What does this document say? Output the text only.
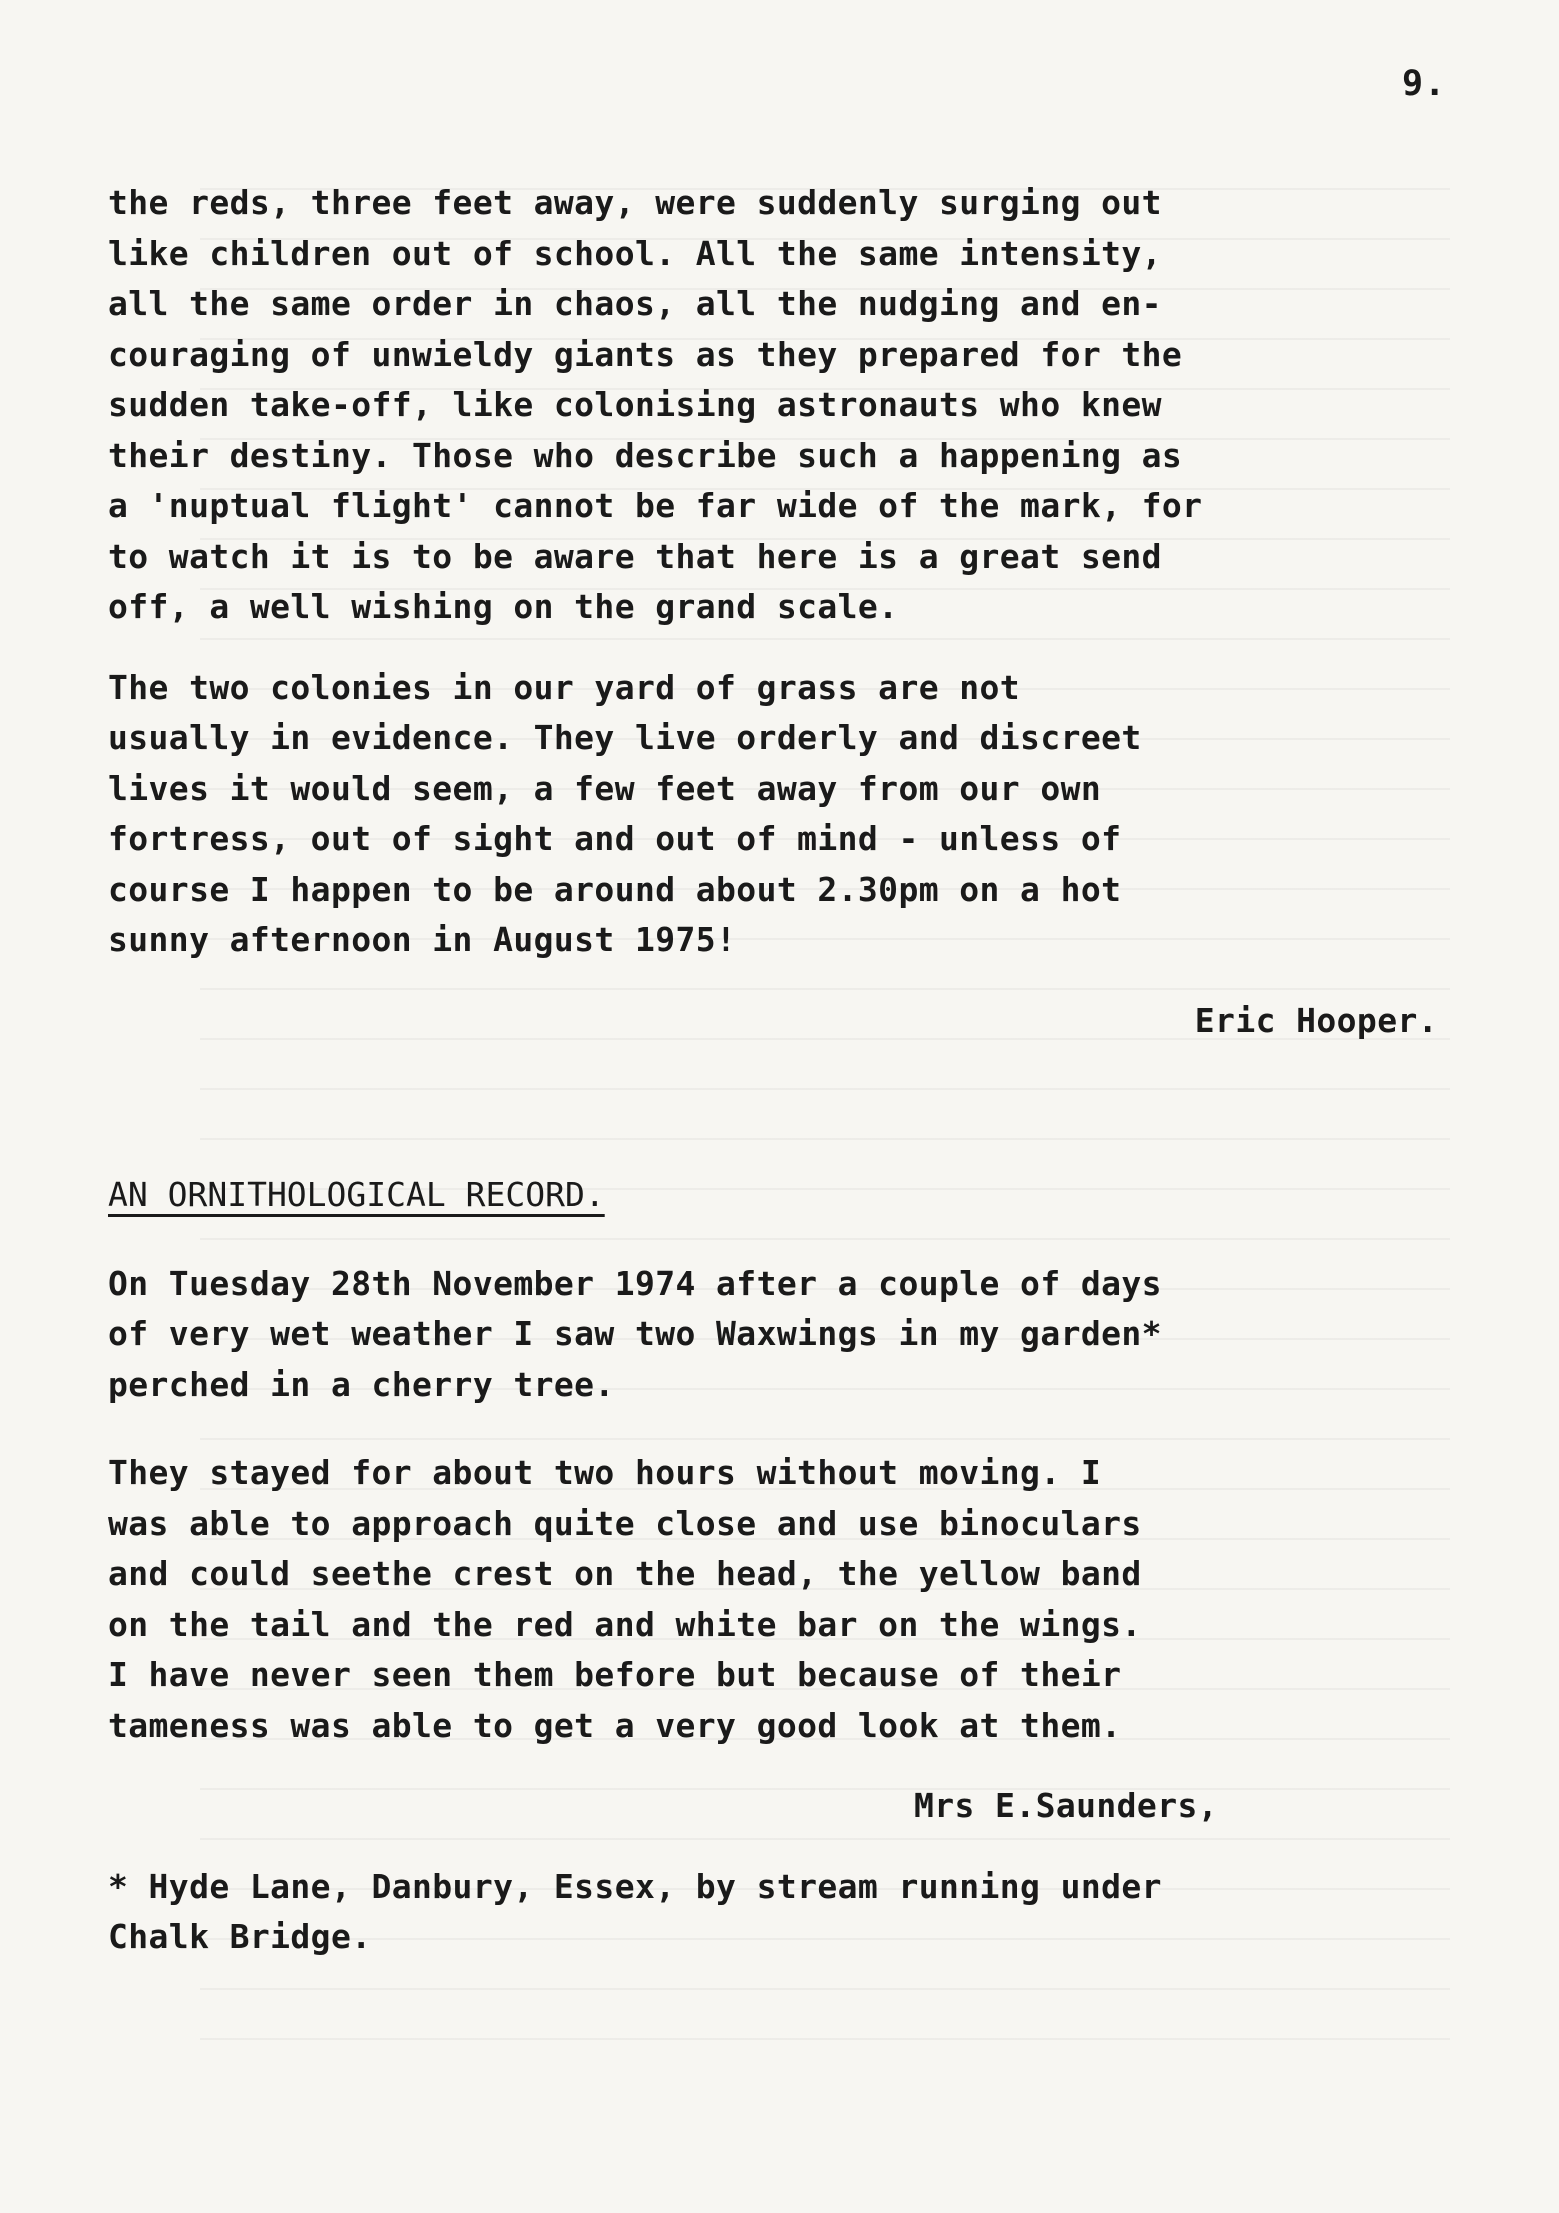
9.
the reds, three feet away, were suddenly surging out
like children out of school. All the same intensity,
all the same order in chaos, all the nudging and en-
couraging of unwieldy giants as they prepared for the
sudden take-off, like colonising astronauts who knew
their destiny. Those who describe such a happening as
a 'nuptual flight' cannot be far wide of the mark, for
to watch it is to be aware that here is a great send
off, a well wishing on the grand scale.
The two colonies in our yard of grass are not
usually in evidence. They live orderly and discreet
lives it would seem, a few feet away from our own
fortress, out of sight and out of mind - unless of
course I happen to be around about 2.30pm on a hot
sunny afternoon in August 1975!
Eric Hooper.
AN ORNITHOLOGICAL RECORD.
On Tuesday 28th November 1974 after a couple of days
of very wet weather I saw two Waxwings in my garden*
perched in a cherry tree.
They stayed for about two hours without moving. I
was able to approach quite close and use binoculars
and could seethe crest on the head, the yellow band
on the tail and the red and white bar on the wings.
I have never seen them before but because of their
tameness was able to get a very good look at them.
Mrs E.Saunders,
* Hyde Lane, Danbury, Essex, by stream running under
Chalk Bridge.
